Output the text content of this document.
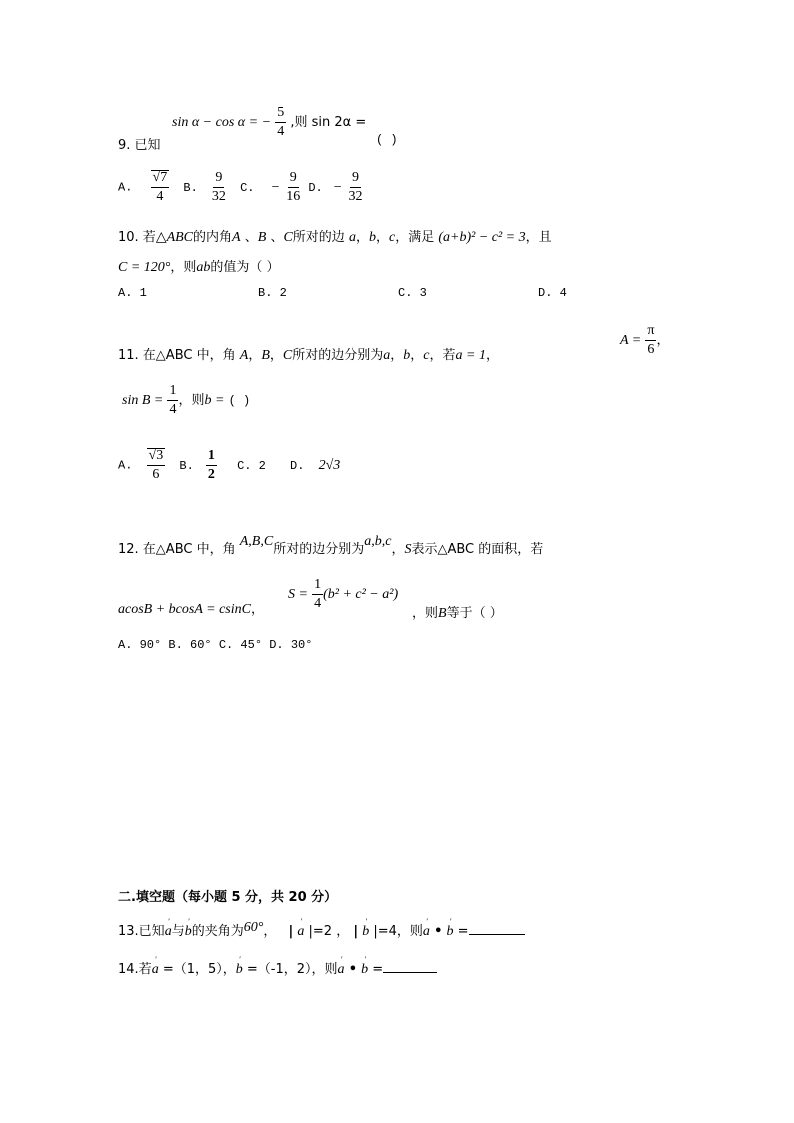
sin α − cos α = − $\frac{5}{4}$ ,则 sin 2α =
9. 已知	( )
A. $\frac{√7}{4} B$. $\frac{9}{32} C$. − $\frac{9}{16} D$. − $\frac{9}{32}$
10. 若△ABC的内角A 、B 、C所对的边 a，b，c，满足 (a+b)² − c² = 3，且
C = 120°，则ab的值为（ ）
A. 1	B. 2	C. 3	D. 4
11. 在△ABC 中，角 A，B，C所对的边分别为a，b，c，若a = 1，
$A = \frac{\pi}{6}$ ，
$\sin B = \frac{1}{4}$ ，则b = ( )
A. $\frac{√3}{6} B$. $\frac{1}{2} C$. 2 D. 2√3
12. 在△ABC 中，角 A,B,C所对的边分别为a,b,c，S表示△ABC 的面积，若
acosB + bcosA = csinC，
$S = \frac{1}{4} (b^2 + c^2 - a^2)$
，则B等于（ ）
A. 90° B. 60° C. 45° D. 30°
二.填空题（每小题 5 分，共 20 分）
13.已知
'
a与
'
b的夹角为60°， |
'
a |=2 ， |
'
b |=4，则
'
a •
'
b =
14.若
'
a =（1，5），
'
b =（-1，2），则
'
a •
'
b =
